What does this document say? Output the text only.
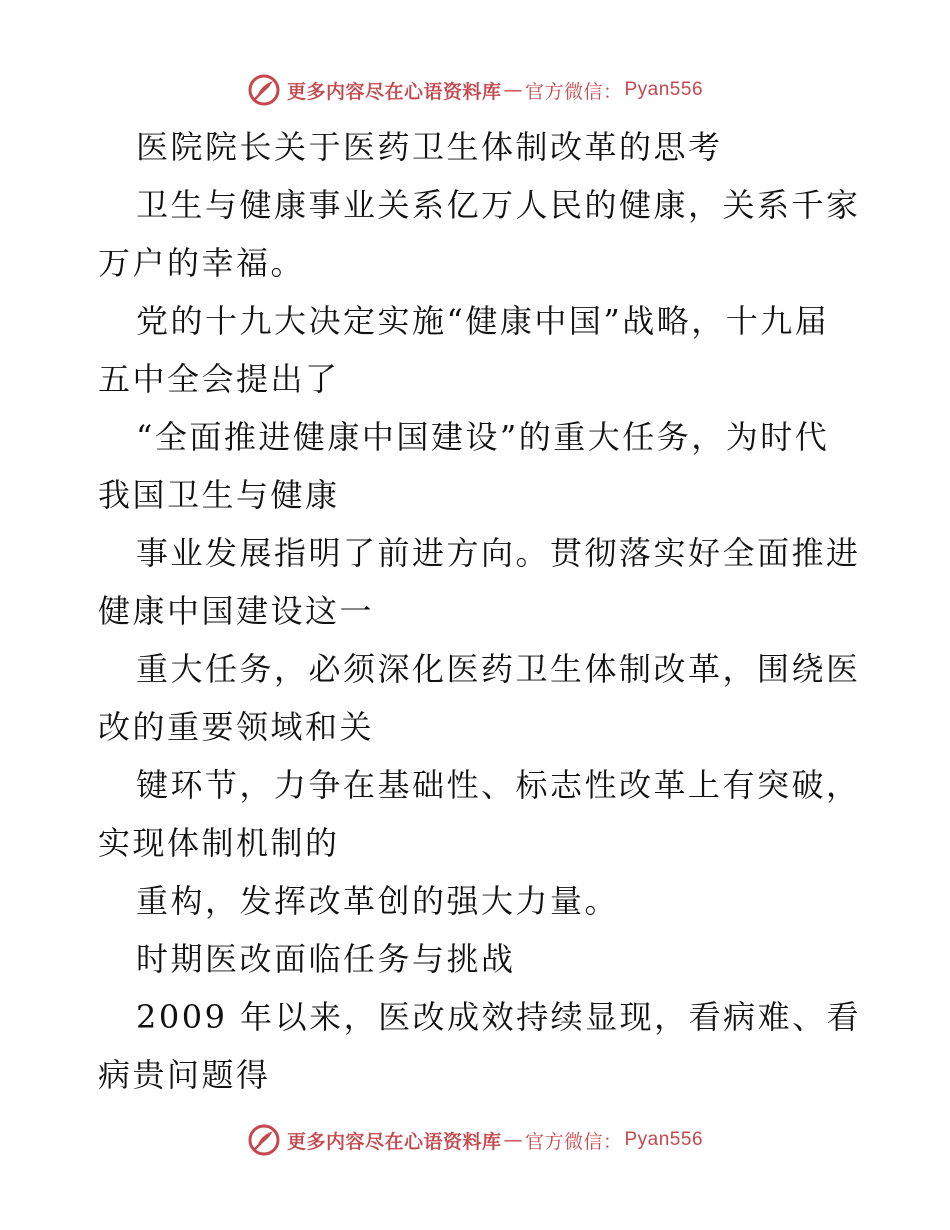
更多内容尽在心语资料库 — 官方微信： Pyan556

医院院长关于医药卫生体制改革的思考

卫生与健康事业关系亿万人民的健康，关系千家

万户的幸福。

党的十九大决定实施“健康中国”战略，十九届

五中全会提出了

“全面推进健康中国建设”的重大任务，为时代

我国卫生与健康

事业发展指明了前进方向。贯彻落实好全面推进

健康中国建设这一

重大任务，必须深化医药卫生体制改革，围绕医

改的重要领域和关

键环节，力争在基础性、标志性改革上有突破，

实现体制机制的

重构，发挥改革创的强大力量。

时期医改面临任务与挑战

2009 年以来，医改成效持续显现，看病难、看

病贵问题得

更多内容尽在心语资料库 — 官方微信： Pyan556
